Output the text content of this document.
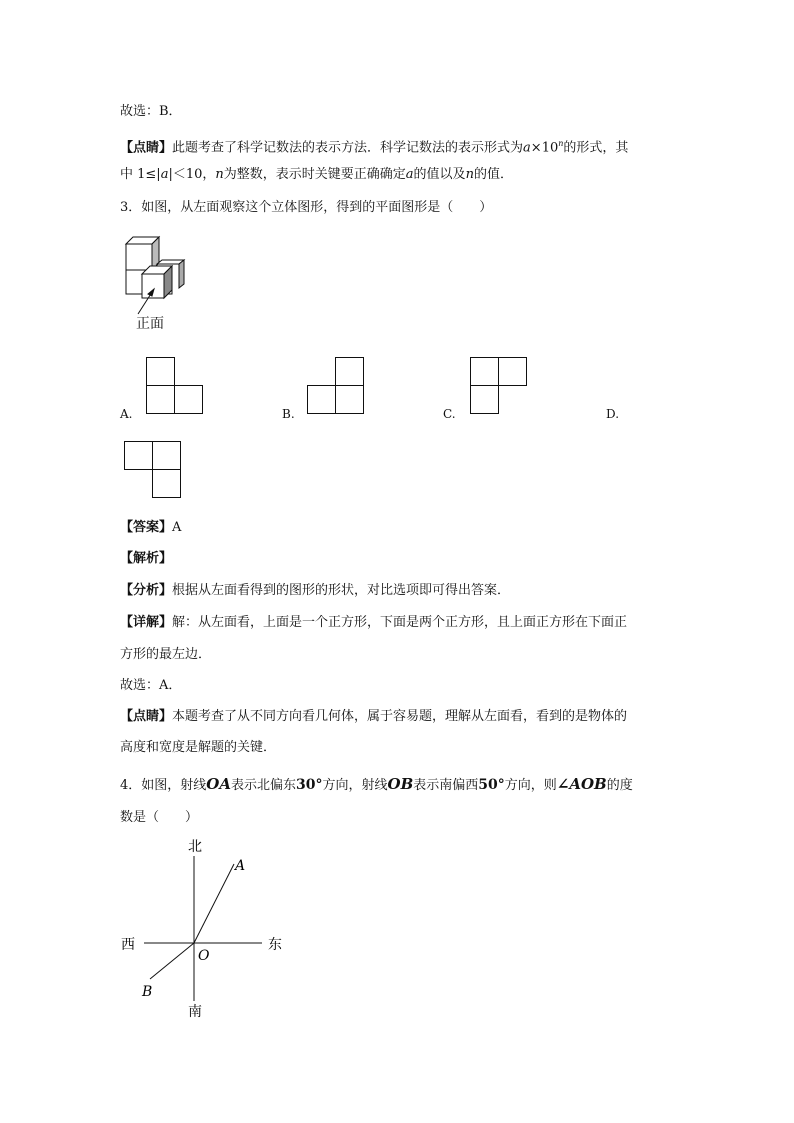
故选：B．
【点睛】此题考查了科学记数法的表示方法．科学记数法的表示形式为$a\times 10^n$的形式，其
中 1≤|a|＜10，n为整数，表示时关键要正确确定a的值以及n的值．
3．如图，从左面观察这个立体图形，得到的平面图形是（　　）
正面
A.	B.	C.	D.
【答案】A
【解析】
【分析】根据从左面看得到的图形的形状，对比选项即可得出答案．
【详解】解：从左面看，上面是一个正方形，下面是两个正方形，且上面正方形在下面正
方形的最左边．
故选：A．
【点睛】本题考查了从不同方向看几何体，属于容易题，理解从左面看，看到的是物体的
高度和宽度是解题的关键．
4．如图，射线OA表示北偏东30°方向，射线OB表示南偏西50°方向，则∠AOB的度
数是（　　）
北
南
东
西
A
B
O
